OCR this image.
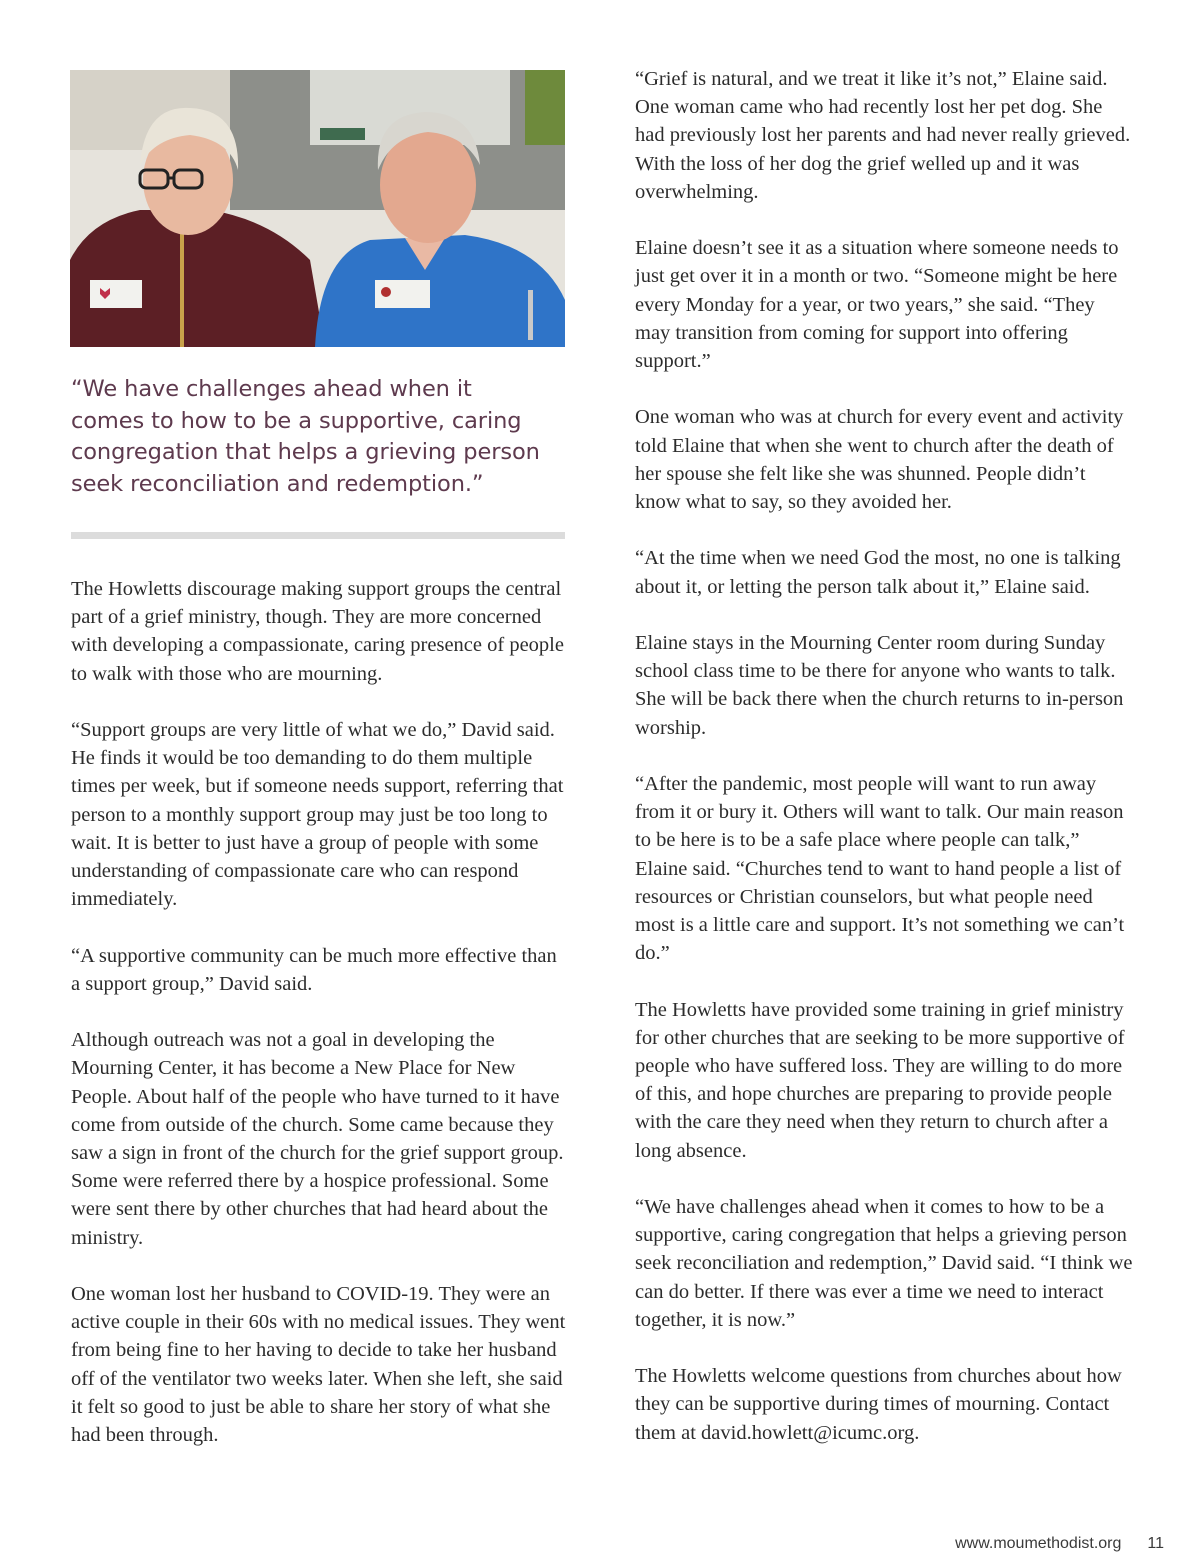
“We have challenges ahead when it comes to how to be a supportive, caring congregation that helps a grieving person seek reconciliation and redemption.”

The Howletts discourage making support groups the central part of a grief ministry, though. They are more concerned with developing a compassionate, caring presence of people to walk with those who are mourning.

“Support groups are very little of what we do,” David said. He finds it would be too demanding to do them multiple times per week, but if someone needs support, referring that person to a monthly support group may just be too long to wait. It is better to just have a group of people with some understanding of compassionate care who can respond immediately.

“A supportive community can be much more effective than a support group,” David said.

Although outreach was not a goal in developing the Mourning Center, it has become a New Place for New People. About half of the people who have turned to it have come from outside of the church. Some came because they saw a sign in front of the church for the grief support group. Some were referred there by a hospice professional. Some were sent there by other churches that had heard about the ministry.

One woman lost her husband to COVID-19. They were an active couple in their 60s with no medical issues. They went from being fine to her having to decide to take her husband off of the ventilator two weeks later. When she left, she said it felt so good to just be able to share her story of what she had been through.

“Grief is natural, and we treat it like it’s not,” Elaine said. One woman came who had recently lost her pet dog. She had previously lost her parents and had never really grieved. With the loss of her dog the grief welled up and it was overwhelming.

Elaine doesn’t see it as a situation where someone needs to just get over it in a month or two. “Someone might be here every Monday for a year, or two years,” she said. “They may transition from coming for support into offering support.”

One woman who was at church for every event and activity told Elaine that when she went to church after the death of her spouse she felt like she was shunned. People didn’t know what to say, so they avoided her.

“At the time when we need God the most, no one is talking about it, or letting the person talk about it,” Elaine said.

Elaine stays in the Mourning Center room during Sunday school class time to be there for anyone who wants to talk. She will be back there when the church returns to in-person worship.

“After the pandemic, most people will want to run away from it or bury it. Others will want to talk. Our main reason to be here is to be a safe place where people can talk,” Elaine said. “Churches tend to want to hand people a list of resources or Christian counselors, but what people need most is a little care and support. It’s not something we can’t do.”

The Howletts have provided some training in grief ministry for other churches that are seeking to be more supportive of people who have suffered loss. They are willing to do more of this, and hope churches are preparing to provide people with the care they need when they return to church after a long absence.

“We have challenges ahead when it comes to how to be a supportive, caring congregation that helps a grieving person seek reconciliation and redemption,” David said. “I think we can do better. If there was ever a time we need to interact together, it is now.”

The Howletts welcome questions from churches about how they can be supportive during times of mourning. Contact them at david.howlett@icumc.org.

www.moumethodist.org 11
